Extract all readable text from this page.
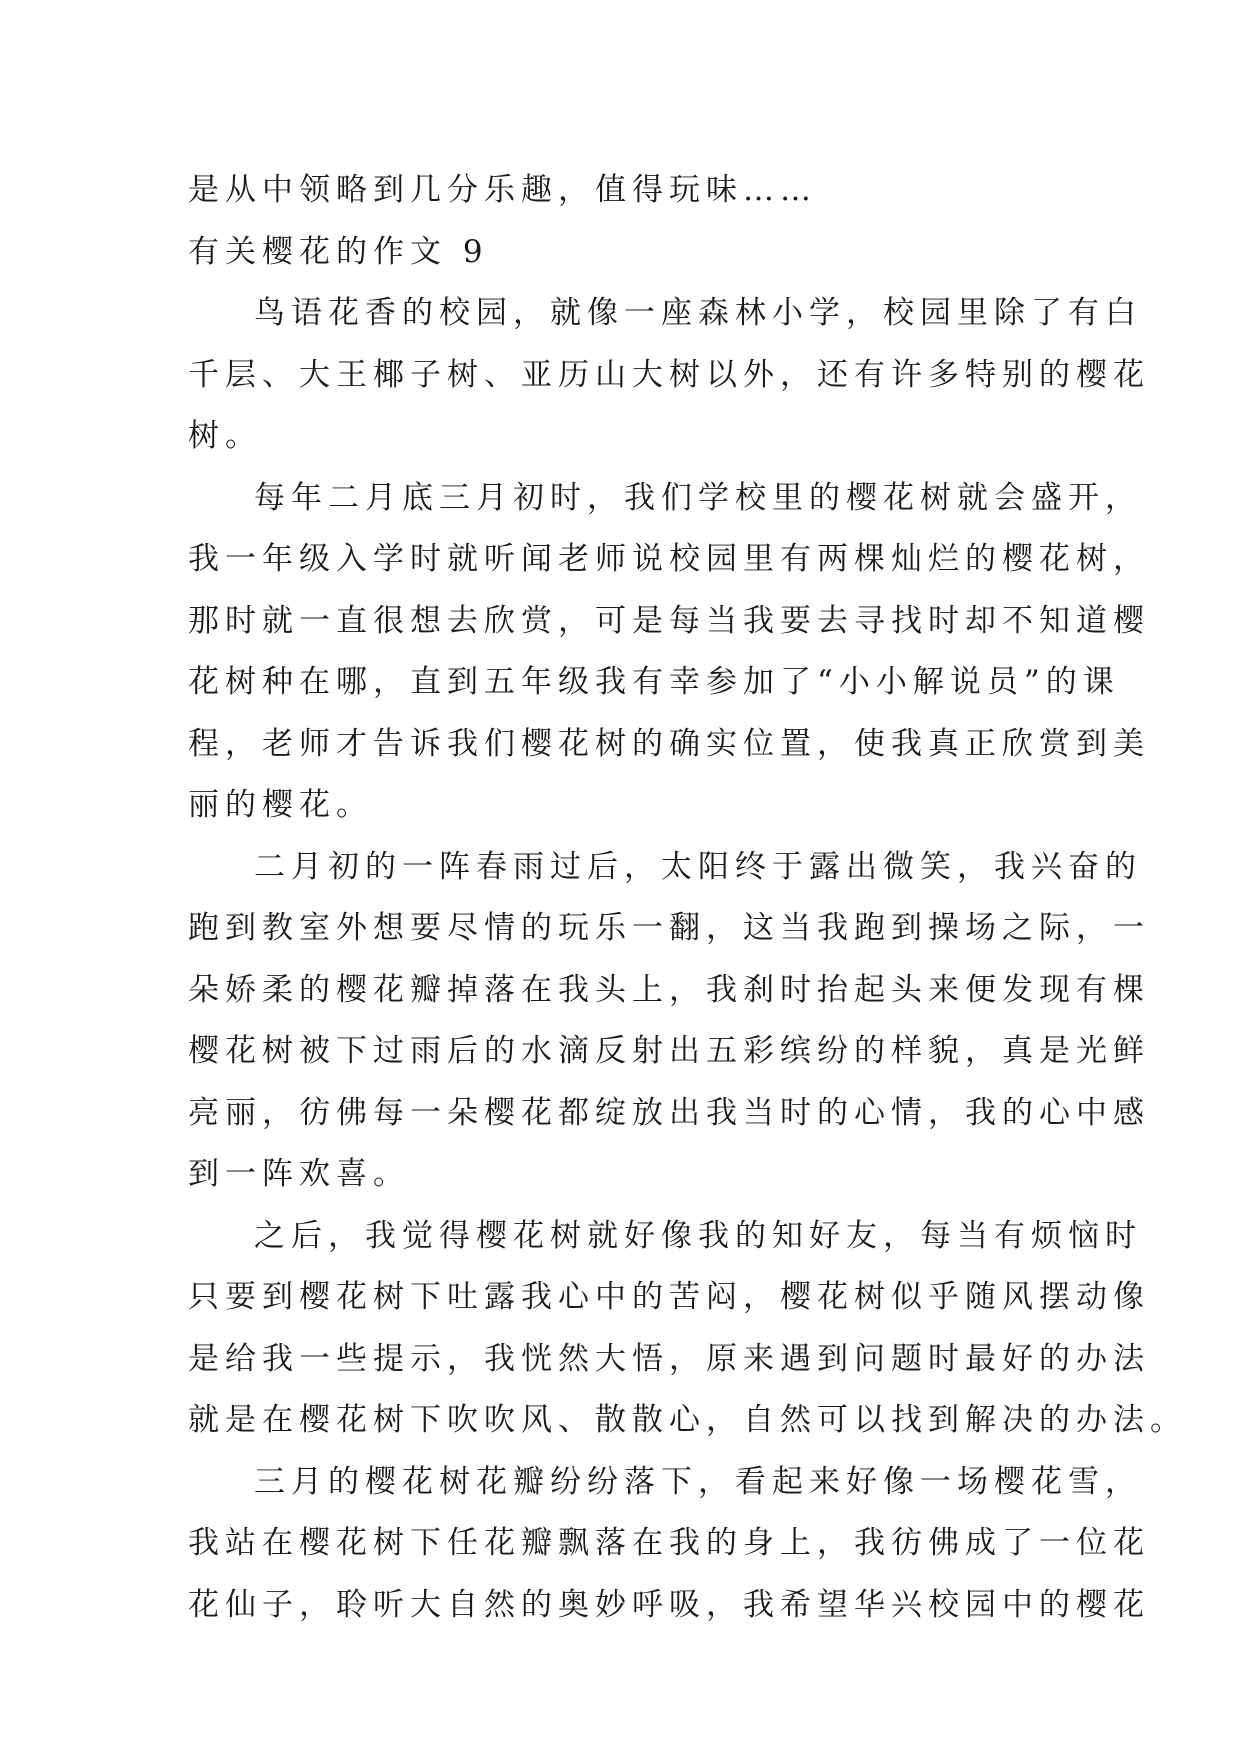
是从中领略到几分乐趣，值得玩味……
有关樱花的作文 9
鸟语花香的校园，就像一座森林小学，校园里除了有白
千层、大王椰子树、亚历山大树以外，还有许多特别的樱花
树。
每年二月底三月初时，我们学校里的樱花树就会盛开，
我一年级入学时就听闻老师说校园里有两棵灿烂的樱花树，
那时就一直很想去欣赏，可是每当我要去寻找时却不知道樱
花树种在哪，直到五年级我有幸参加了“小小解说员”的课
程，老师才告诉我们樱花树的确实位置，使我真正欣赏到美
丽的樱花。
二月初的一阵春雨过后，太阳终于露出微笑，我兴奋的
跑到教室外想要尽情的玩乐一翻，这当我跑到操场之际，一
朵娇柔的樱花瓣掉落在我头上，我刹时抬起头来便发现有棵
樱花树被下过雨后的水滴反射出五彩缤纷的样貌，真是光鲜
亮丽，彷佛每一朵樱花都绽放出我当时的心情，我的心中感
到一阵欢喜。
之后，我觉得樱花树就好像我的知好友，每当有烦恼时
只要到樱花树下吐露我心中的苦闷，樱花树似乎随风摆动像
是给我一些提示，我恍然大悟，原来遇到问题时最好的办法
就是在樱花树下吹吹风、散散心，自然可以找到解决的办法。
三月的樱花树花瓣纷纷落下，看起来好像一场樱花雪，
我站在樱花树下任花瓣飘落在我的身上，我彷佛成了一位花
花仙子，聆听大自然的奥妙呼吸，我希望华兴校园中的樱花
